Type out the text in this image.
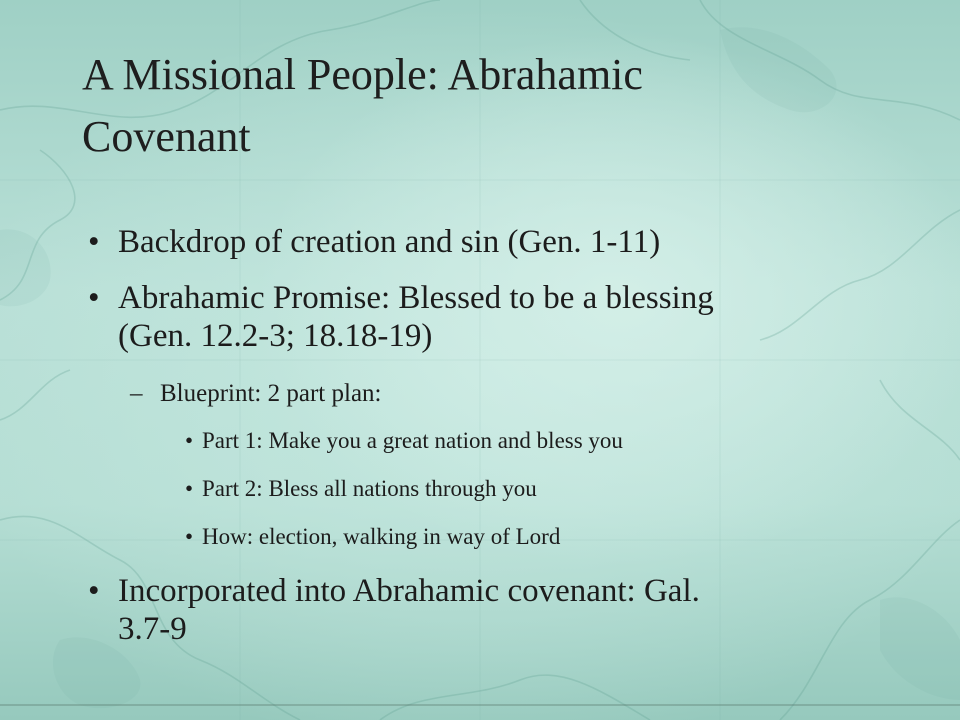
A Missional People: Abrahamic
Covenant
• Backdrop of creation and sin (Gen. 1-11)
• Abrahamic Promise: Blessed to be a blessing
(Gen. 12.2-3; 18.18-19)
– Blueprint: 2 part plan:
• Part 1: Make you a great nation and bless you
• Part 2: Bless all nations through you
• How: election, walking in way of Lord
• Incorporated into Abrahamic covenant: Gal.
3.7-9
